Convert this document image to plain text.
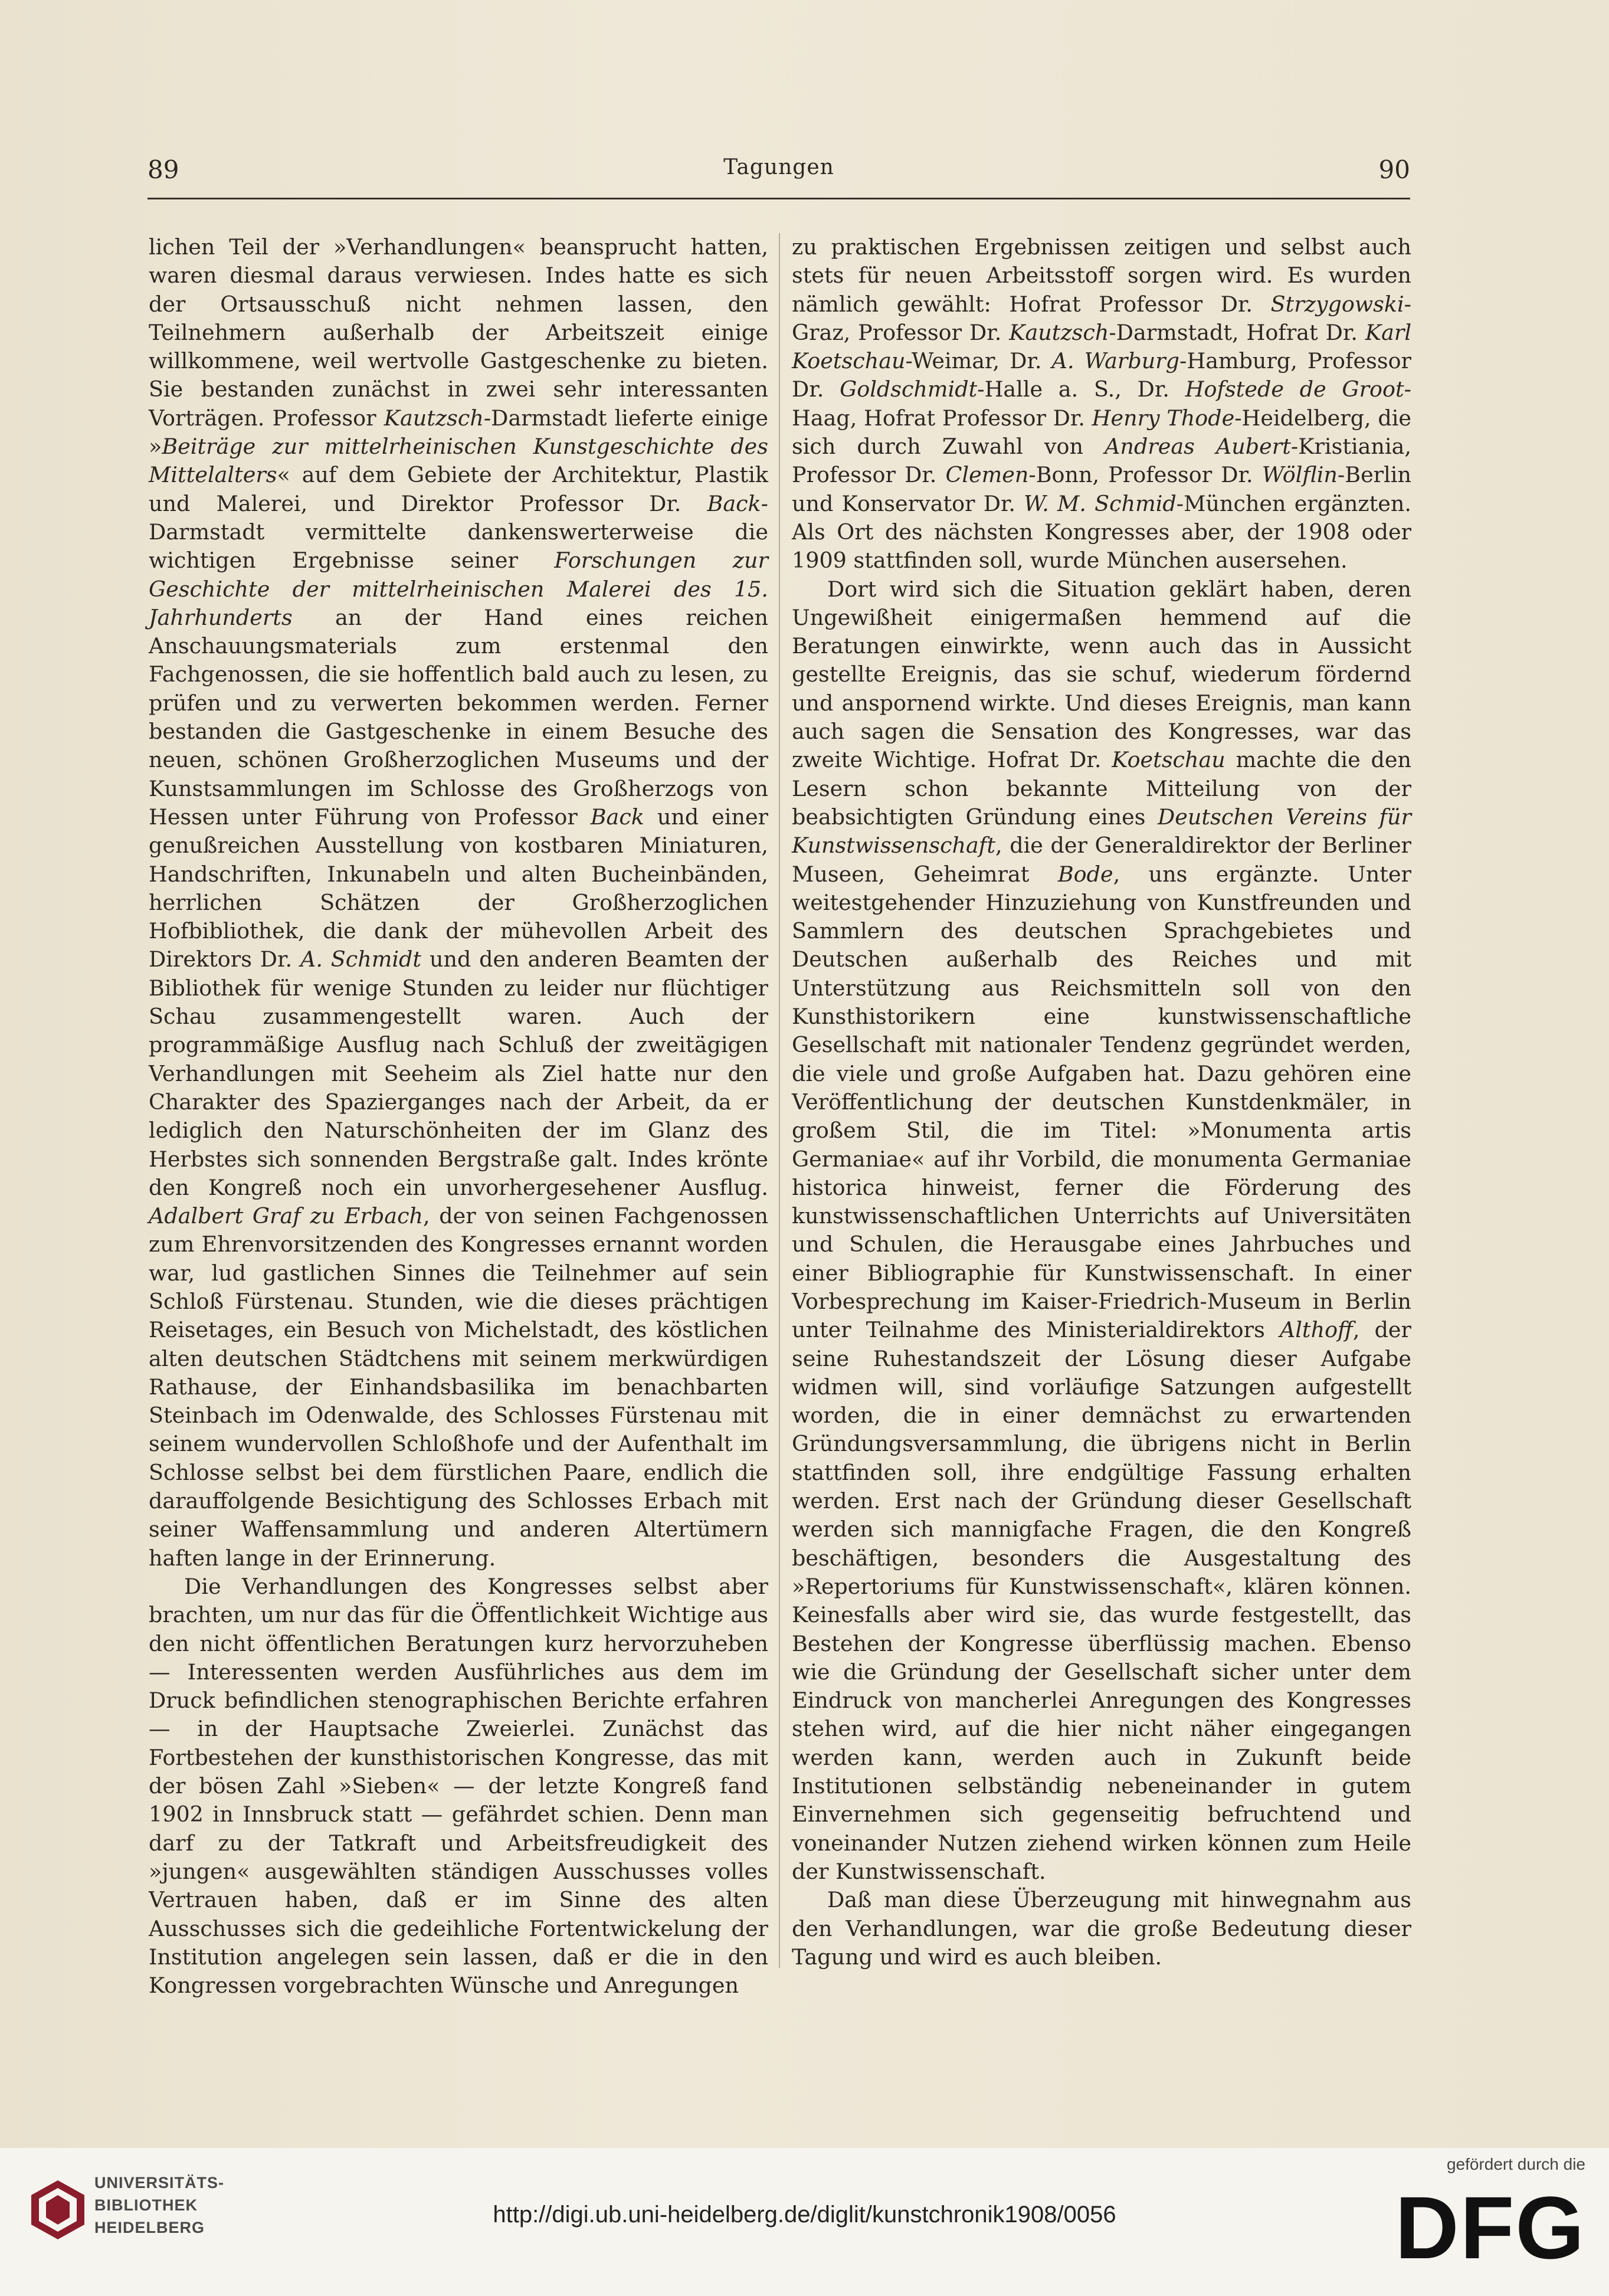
89	Tagungen	90

lichen Teil der »Verhandlungen« beansprucht hatten, waren diesmal daraus verwiesen. Indes hatte es sich der Ortsausschuß nicht nehmen lassen, den Teilnehmern außerhalb der Arbeitszeit einige willkommene, weil wertvolle Gastgeschenke zu bieten. Sie bestanden zunächst in zwei sehr interessanten Vorträgen. Professor Kautzsch-Darmstadt lieferte einige »Beiträge zur mittelrheinischen Kunstgeschichte des Mittelalters« auf dem Gebiete der Architektur, Plastik und Malerei, und Direktor Professor Dr. Back-Darmstadt vermittelte dankenswerterweise die wichtigen Ergebnisse seiner Forschungen zur Geschichte der mittelrheinischen Malerei des 15. Jahrhunderts an der Hand eines reichen Anschauungsmaterials zum erstenmal den Fachgenossen, die sie hoffentlich bald auch zu lesen, zu prüfen und zu verwerten bekommen werden. Ferner bestanden die Gastgeschenke in einem Besuche des neuen, schönen Großherzoglichen Museums und der Kunstsammlungen im Schlosse des Großherzogs von Hessen unter Führung von Professor Back und einer genußreichen Ausstellung von kostbaren Miniaturen, Handschriften, Inkunabeln und alten Bucheinbänden, herrlichen Schätzen der Großherzoglichen Hofbibliothek, die dank der mühevollen Arbeit des Direktors Dr. A. Schmidt und den anderen Beamten der Bibliothek für wenige Stunden zu leider nur flüchtiger Schau zusammengestellt waren. Auch der programmäßige Ausflug nach Schluß der zweitägigen Verhandlungen mit Seeheim als Ziel hatte nur den Charakter des Spazierganges nach der Arbeit, da er lediglich den Naturschönheiten der im Glanz des Herbstes sich sonnenden Bergstraße galt. Indes krönte den Kongreß noch ein unvorhergesehener Ausflug. Adalbert Graf zu Erbach, der von seinen Fachgenossen zum Ehrenvorsitzenden des Kongresses ernannt worden war, lud gastlichen Sinnes die Teilnehmer auf sein Schloß Fürstenau. Stunden, wie die dieses prächtigen Reisetages, ein Besuch von Michelstadt, des köstlichen alten deutschen Städtchens mit seinem merkwürdigen Rathause, der Einhandsbasilika im benachbarten Steinbach im Odenwalde, des Schlosses Fürstenau mit seinem wundervollen Schloßhofe und der Aufenthalt im Schlosse selbst bei dem fürstlichen Paare, endlich die darauffolgende Besichtigung des Schlosses Erbach mit seiner Waffensammlung und anderen Altertümern haften lange in der Erinnerung.

Die Verhandlungen des Kongresses selbst aber brachten, um nur das für die Öffentlichkeit Wichtige aus den nicht öffentlichen Beratungen kurz hervorzuheben — Interessenten werden Ausführliches aus dem im Druck befindlichen stenographischen Berichte erfahren — in der Hauptsache Zweierlei. Zunächst das Fortbestehen der kunsthistorischen Kongresse, das mit der bösen Zahl »Sieben« — der letzte Kongreß fand 1902 in Innsbruck statt — gefährdet schien. Denn man darf zu der Tatkraft und Arbeitsfreudigkeit des »jungen« ausgewählten ständigen Ausschusses volles Vertrauen haben, daß er im Sinne des alten Ausschusses sich die gedeihliche Fortentwickelung der Institution angelegen sein lassen, daß er die in den Kongressen vorgebrachten Wünsche und Anregungen

zu praktischen Ergebnissen zeitigen und selbst auch stets für neuen Arbeitsstoff sorgen wird. Es wurden nämlich gewählt: Hofrat Professor Dr. Strzygowski-Graz, Professor Dr. Kautzsch-Darmstadt, Hofrat Dr. Karl Koetschau-Weimar, Dr. A. Warburg-Hamburg, Professor Dr. Goldschmidt-Halle a. S., Dr. Hofstede de Groot-Haag, Hofrat Professor Dr. Henry Thode-Heidelberg, die sich durch Zuwahl von Andreas Aubert-Kristiania, Professor Dr. Clemen-Bonn, Professor Dr. Wölflin-Berlin und Konservator Dr. W. M. Schmid-München ergänzten. Als Ort des nächsten Kongresses aber, der 1908 oder 1909 stattfinden soll, wurde München ausersehen.

Dort wird sich die Situation geklärt haben, deren Ungewißheit einigermaßen hemmend auf die Beratungen einwirkte, wenn auch das in Aussicht gestellte Ereignis, das sie schuf, wiederum fördernd und anspornend wirkte. Und dieses Ereignis, man kann auch sagen die Sensation des Kongresses, war das zweite Wichtige. Hofrat Dr. Koetschau machte die den Lesern schon bekannte Mitteilung von der beabsichtigten Gründung eines Deutschen Vereins für Kunstwissenschaft, die der Generaldirektor der Berliner Museen, Geheimrat Bode, uns ergänzte. Unter weitestgehender Hinzuziehung von Kunstfreunden und Sammlern des deutschen Sprachgebietes und Deutschen außerhalb des Reiches und mit Unterstützung aus Reichsmitteln soll von den Kunsthistorikern eine kunstwissenschaftliche Gesellschaft mit nationaler Tendenz gegründet werden, die viele und große Aufgaben hat. Dazu gehören eine Veröffentlichung der deutschen Kunstdenkmäler, in großem Stil, die im Titel: »Monumenta artis Germaniae« auf ihr Vorbild, die monumenta Germaniae historica hinweist, ferner die Förderung des kunstwissenschaftlichen Unterrichts auf Universitäten und Schulen, die Herausgabe eines Jahrbuches und einer Bibliographie für Kunstwissenschaft. In einer Vorbesprechung im Kaiser-Friedrich-Museum in Berlin unter Teilnahme des Ministerialdirektors Althoff, der seine Ruhestandszeit der Lösung dieser Aufgabe widmen will, sind vorläufige Satzungen aufgestellt worden, die in einer demnächst zu erwartenden Gründungsversammlung, die übrigens nicht in Berlin stattfinden soll, ihre endgültige Fassung erhalten werden. Erst nach der Gründung dieser Gesellschaft werden sich mannigfache Fragen, die den Kongreß beschäftigen, besonders die Ausgestaltung des »Repertoriums für Kunstwissenschaft«, klären können. Keinesfalls aber wird sie, das wurde festgestellt, das Bestehen der Kongresse überflüssig machen. Ebenso wie die Gründung der Gesellschaft sicher unter dem Eindruck von mancherlei Anregungen des Kongresses stehen wird, auf die hier nicht näher eingegangen werden kann, werden auch in Zukunft beide Institutionen selbständig nebeneinander in gutem Einvernehmen sich gegenseitig befruchtend und voneinander Nutzen ziehend wirken können zum Heile der Kunstwissenschaft.

Daß man diese Überzeugung mit hinwegnahm aus den Verhandlungen, war die große Bedeutung dieser Tagung und wird es auch bleiben.

UNIVERSITÄTS-
BIBLIOTHEK
HEIDELBERG	http://digi.ub.uni-heidelberg.de/diglit/kunstchronik1908/0056
gefördert durch die
DFG
